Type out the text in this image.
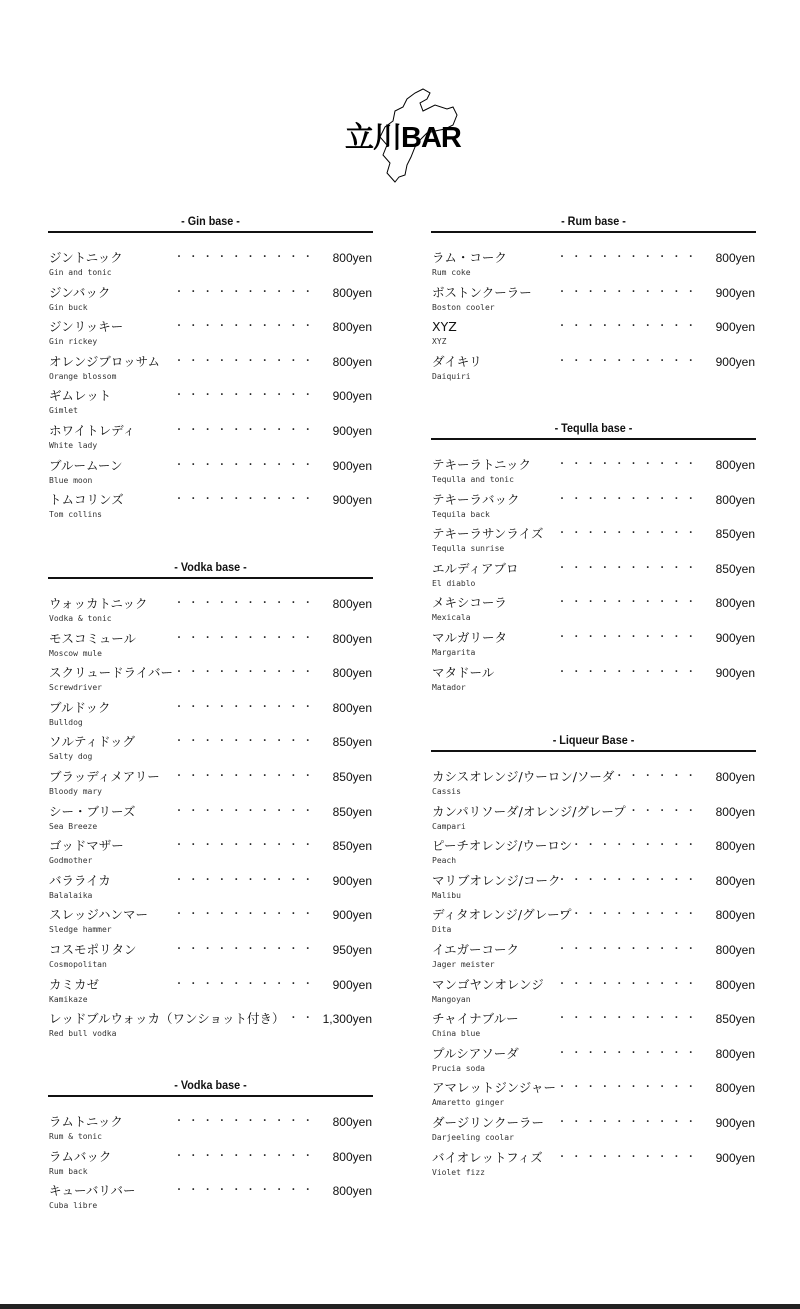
立川BAR
- Gin base -
ジントニック
Gin and tonic
・・・・・・・・・・ 800yen
ジンバック
Gin buck
・・・・・・・・・・ 800yen
ジンリッキー
Gin rickey
・・・・・・・・・・ 800yen
オレンジブロッサム
Orange blossom
・・・・・・・・・・ 800yen
ギムレット
Gimlet
・・・・・・・・・・ 900yen
ホワイトレディ
White lady
・・・・・・・・・・ 900yen
ブルームーン
Blue moon
・・・・・・・・・・ 900yen
トムコリンズ
Tom collins
・・・・・・・・・・ 900yen
- Vodka base -
ウォッカトニック
Vodka & tonic
・・・・・・・・・・ 800yen
モスコミュール
Moscow mule
・・・・・・・・・・ 800yen
スクリュードライバー
Screwdriver
・・・・・・・・・・ 800yen
ブルドック
Bulldog
・・・・・・・・・・ 800yen
ソルティドッグ
Salty dog
・・・・・・・・・・ 850yen
ブラッディメアリー
Bloody mary
・・・・・・・・・・ 850yen
シー・ブリーズ
Sea Breeze
・・・・・・・・・・ 850yen
ゴッドマザー
Godmother
・・・・・・・・・・ 850yen
バラライカ
Balalaika
・・・・・・・・・・ 900yen
スレッジハンマー
Sledge hammer
・・・・・・・・・・ 900yen
コスモポリタン
Cosmopolitan
・・・・・・・・・・ 950yen
カミカゼ
Kamikaze
・・・・・・・・・・ 900yen
レッドブルウォッカ（ワンショット付き）
Red bull vodka
・・ 1,300yen
- Vodka base -
ラムトニック
Rum & tonic
・・・・・・・・・・ 800yen
ラムバック
Rum back
・・・・・・・・・・ 800yen
キューバリバー
Cuba libre
・・・・・・・・・・ 800yen
- Rum base -
ラム・コーク
Rum coke
・・・・・・・・・・ 800yen
ボストンクーラー
Boston cooler
・・・・・・・・・・ 900yen
XYZ
XYZ
・・・・・・・・・・ 900yen
ダイキリ
Daiquiri
・・・・・・・・・・ 900yen
- Tequlla base -
テキーラトニック
Tequlla and tonic
・・・・・・・・・・ 800yen
テキーラバック
Tequila back
・・・・・・・・・・ 800yen
テキーラサンライズ
Tequlla sunrise
・・・・・・・・・・ 850yen
エルディアブロ
El diablo
・・・・・・・・・・ 850yen
メキシコーラ
Mexicala
・・・・・・・・・・ 800yen
マルガリータ
Margarita
・・・・・・・・・・ 900yen
マタドール
Matador
・・・・・・・・・・ 900yen
- Liqueur Base -
カシスオレンジ/ウーロン/ソーダ
Cassis
・・・・・・ 800yen
カンパリソーダ/オレンジ/グレープ
Campari
・・・・・ 800yen
ピーチオレンジ/ウーロン
Peach
・・・・・・・・・・ 800yen
マリブオレンジ/コーク
Malibu
・・・・・・・・・・ 800yen
ディタオレンジ/グレープ
Dita
・・・・・・・・・・ 800yen
イエガーコーク
Jager meister
・・・・・・・・・・ 800yen
マンゴヤンオレンジ
Mangoyan
・・・・・・・・・・ 800yen
チャイナブルー
China blue
・・・・・・・・・・ 850yen
プルシアソーダ
Prucia soda
・・・・・・・・・・ 800yen
アマレットジンジャー
Amaretto ginger
・・・・・・・・・・ 800yen
ダージリンクーラー
Darjeeling coolar
・・・・・・・・・・ 900yen
バイオレットフィズ
Violet fizz
・・・・・・・・・・ 900yen
